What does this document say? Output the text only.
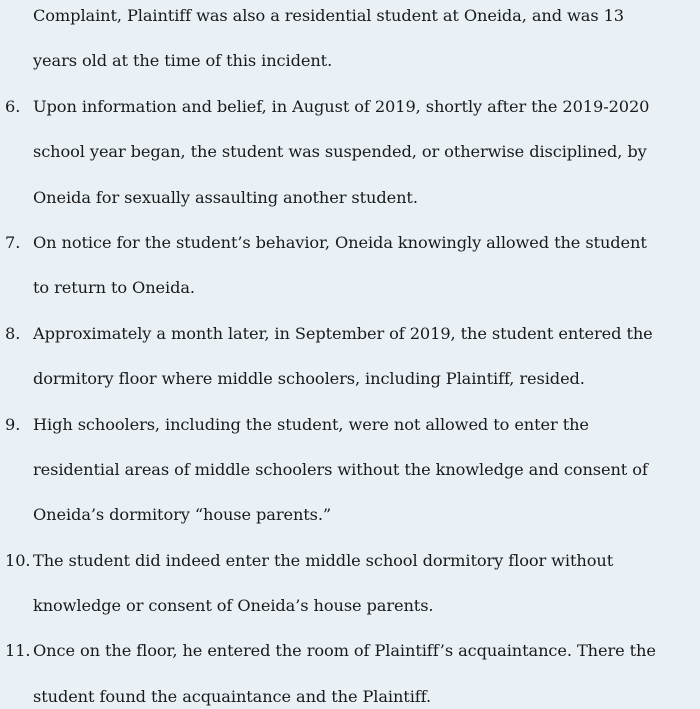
Complaint, Plaintiff was also a residential student at Oneida, and was 13
years old at the time of this incident.
6. Upon information and belief, in August of 2019, shortly after the 2019-2020
school year began, the student was suspended, or otherwise disciplined, by
Oneida for sexually assaulting another student.
7. On notice for the student’s behavior, Oneida knowingly allowed the student
to return to Oneida.
8. Approximately a month later, in September of 2019, the student entered the
dormitory floor where middle schoolers, including Plaintiff, resided.
9. High schoolers, including the student, were not allowed to enter the
residential areas of middle schoolers without the knowledge and consent of
Oneida’s dormitory “house parents.”
10. The student did indeed enter the middle school dormitory floor without
knowledge or consent of Oneida’s house parents.
11. Once on the floor, he entered the room of Plaintiff’s acquaintance. There the
student found the acquaintance and the Plaintiff.
